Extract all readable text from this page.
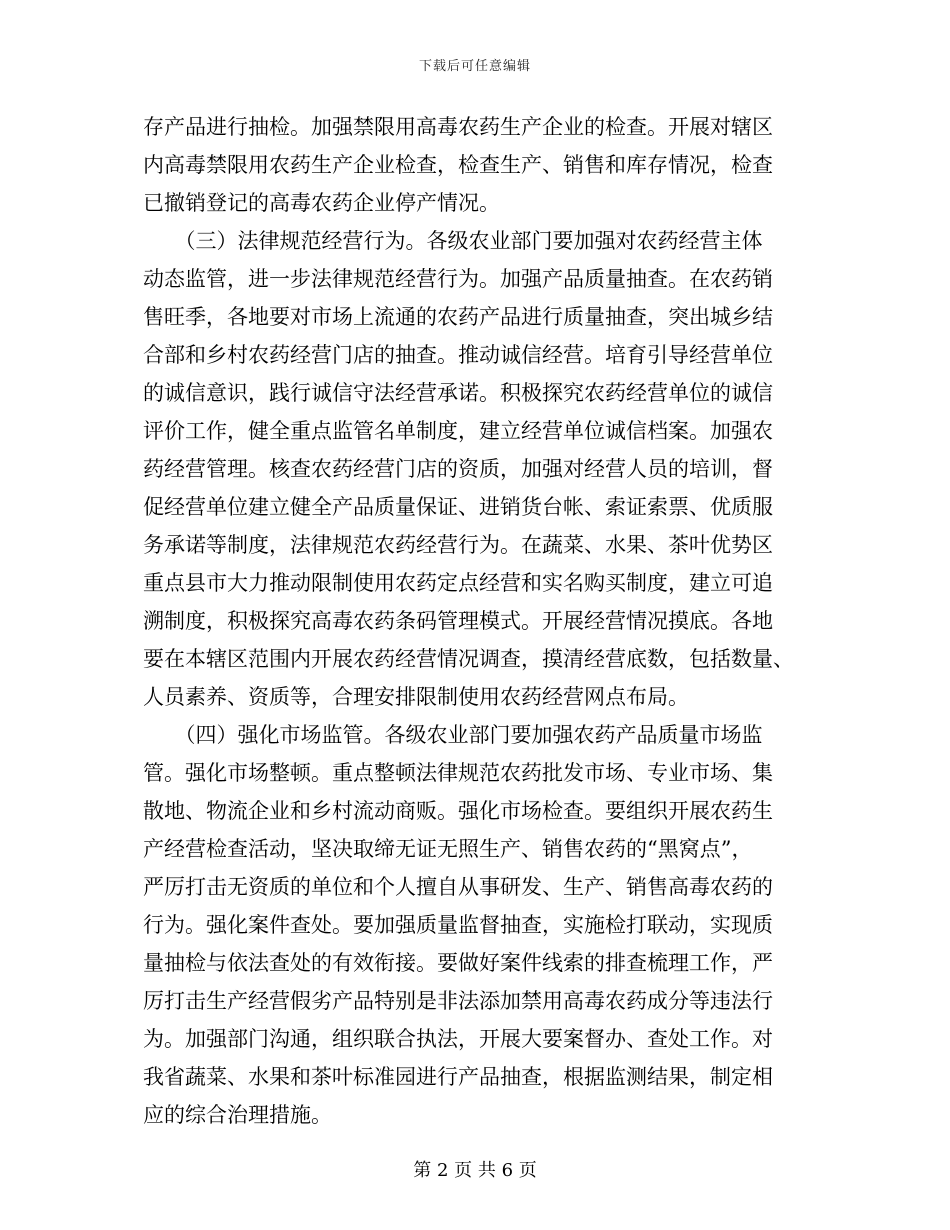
下载后可任意编辑
存产品进行抽检。加强禁限用高毒农药生产企业的检查。开展对辖区
内高毒禁限用农药生产企业检查，检查生产、销售和库存情况，检查
已撤销登记的高毒农药企业停产情况。
　　（三）法律规范经营行为。各级农业部门要加强对农药经营主体
动态监管，进一步法律规范经营行为。加强产品质量抽查。在农药销
售旺季，各地要对市场上流通的农药产品进行质量抽查，突出城乡结
合部和乡村农药经营门店的抽查。推动诚信经营。培育引导经营单位
的诚信意识，践行诚信守法经营承诺。积极探究农药经营单位的诚信
评价工作，健全重点监管名单制度，建立经营单位诚信档案。加强农
药经营管理。核查农药经营门店的资质，加强对经营人员的培训，督
促经营单位建立健全产品质量保证、进销货台帐、索证索票、优质服
务承诺等制度，法律规范农药经营行为。在蔬菜、水果、茶叶优势区
重点县市大力推动限制使用农药定点经营和实名购买制度，建立可追
溯制度，积极探究高毒农药条码管理模式。开展经营情况摸底。各地
要在本辖区范围内开展农药经营情况调查，摸清经营底数，包括数量、
人员素养、资质等，合理安排限制使用农药经营网点布局。
　　（四）强化市场监管。各级农业部门要加强农药产品质量市场监
管。强化市场整顿。重点整顿法律规范农药批发市场、专业市场、集
散地、物流企业和乡村流动商贩。强化市场检查。要组织开展农药生
产经营检查活动，坚决取缔无证无照生产、销售农药的“黑窝点”，
严厉打击无资质的单位和个人擅自从事研发、生产、销售高毒农药的
行为。强化案件查处。要加强质量监督抽查，实施检打联动，实现质
量抽检与依法查处的有效衔接。要做好案件线索的排查梳理工作，严
厉打击生产经营假劣产品特别是非法添加禁用高毒农药成分等违法行
为。加强部门沟通，组织联合执法，开展大要案督办、查处工作。对
我省蔬菜、水果和茶叶标准园进行产品抽查，根据监测结果，制定相
应的综合治理措施。
第 2 页 共 6 页
